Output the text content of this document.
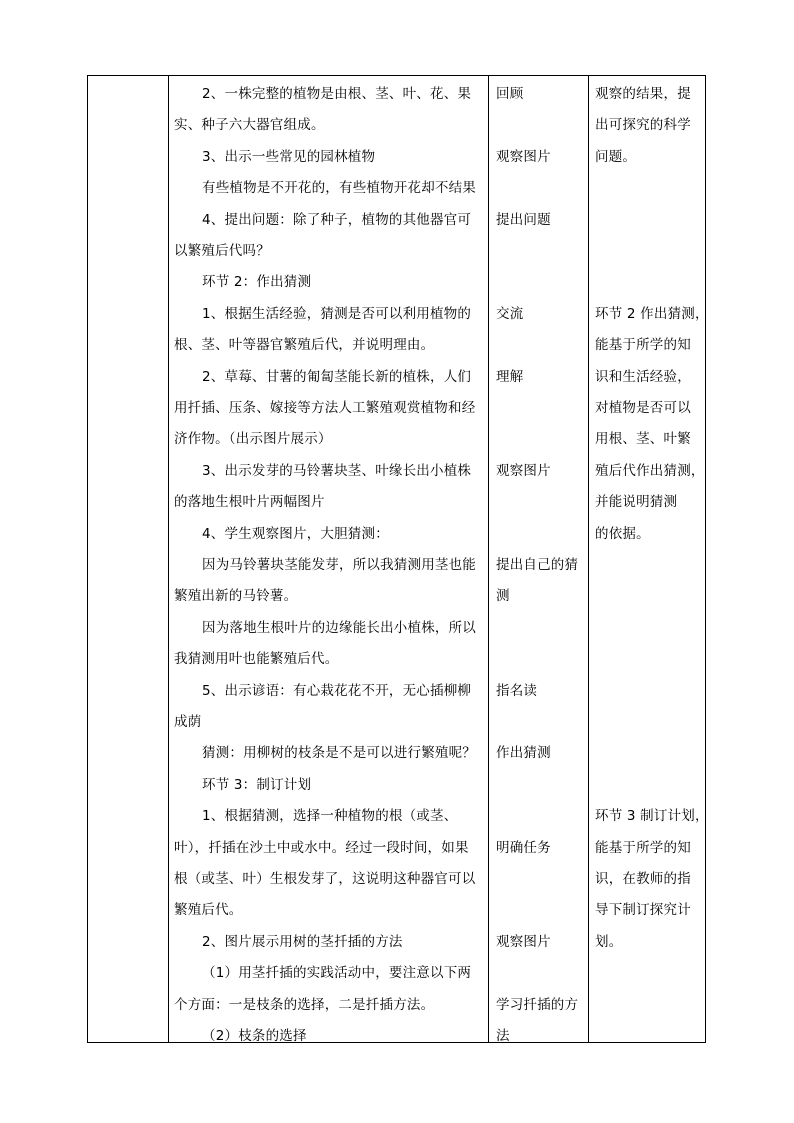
2、一株完整的植物是由根、茎、叶、花、果
实、种子六大器官组成。
3、出示一些常见的园林植物
有些植物是不开花的，有些植物开花却不结果
4、提出问题：除了种子，植物的其他器官可
以繁殖后代吗？
环节 2：作出猜测
1、根据生活经验，猜测是否可以利用植物的
根、茎、叶等器官繁殖后代，并说明理由。
2、草莓、甘薯的匍匐茎能长新的植株，人们
用扦插、压条、嫁接等方法人工繁殖观赏植物和经
济作物。（出示图片展示）
3、出示发芽的马铃薯块茎、叶缘长出小植株
的落地生根叶片两幅图片
4、学生观察图片，大胆猜测：
因为马铃薯块茎能发芽，所以我猜测用茎也能
繁殖出新的马铃薯。
因为落地生根叶片的边缘能长出小植株，所以
我猜测用叶也能繁殖后代。
5、出示谚语：有心栽花花不开，无心插柳柳
成荫
猜测：用柳树的枝条是不是可以进行繁殖呢？
环节 3：制订计划
1、根据猜测，选择一种植物的根（或茎、
叶），扦插在沙土中或水中。经过一段时间，如果
根（或茎、叶）生根发芽了，这说明这种器官可以
繁殖后代。
2、图片展示用树的茎扦插的方法
（1）用茎扦插的实践活动中，要注意以下两
个方面：一是枝条的选择，二是扦插方法。
（2）枝条的选择
回顾
观察图片
提出问题
交流
理解
观察图片
提出自己的猜
测
指名读
作出猜测
明确任务
观察图片
学习扦插的方
法
观察的结果，提
出可探究的科学
问题。
环节 2 作出猜测，
能基于所学的知
识和生活经验，
对植物是否可以
用根、茎、叶繁
殖后代作出猜测，
并能说明猜测
的依据。
环节 3 制订计划，
能基于所学的知
识，在教师的指
导下制订探究计
划。
